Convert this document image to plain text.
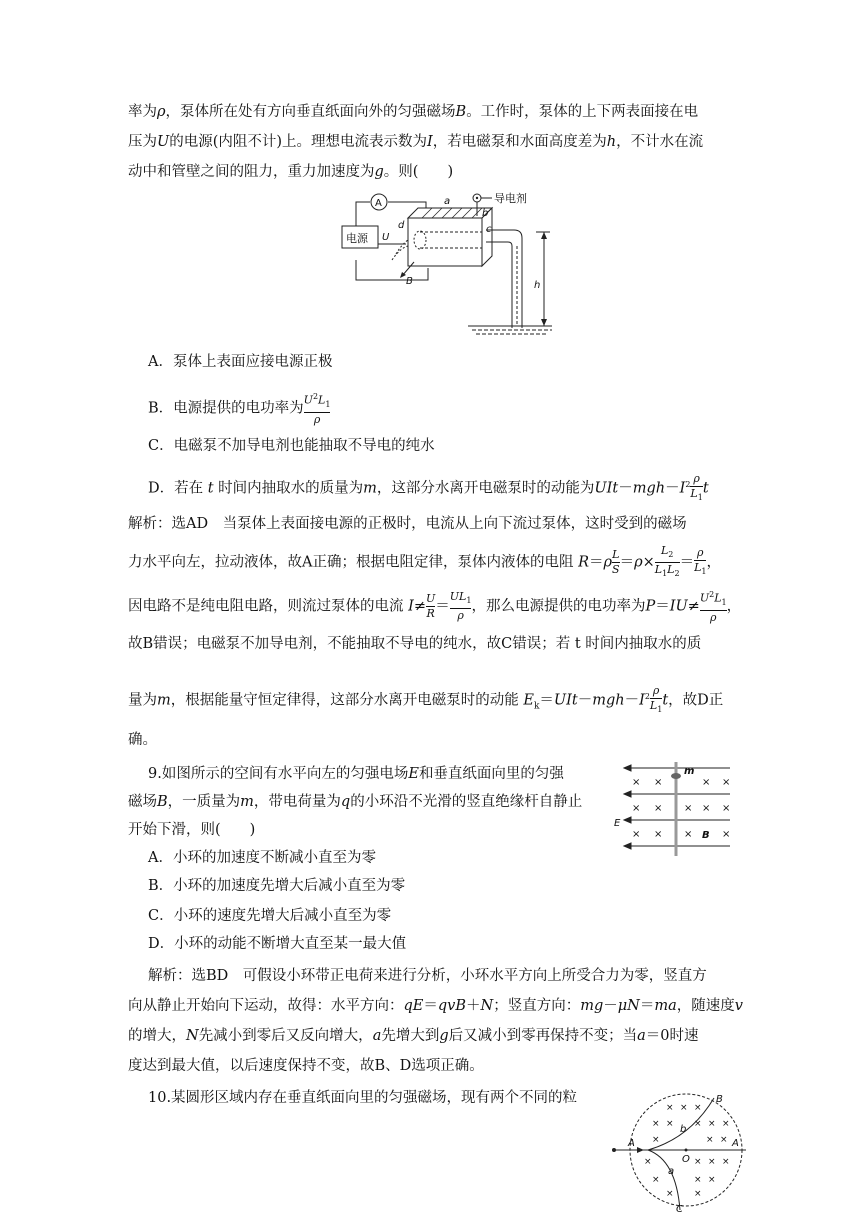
率为ρ，泵体所在处有方向垂直纸面向外的匀强磁场B。工作时，泵体的上下两表面接在电
压为U的电源(内阻不计)上。理想电流表示数为I，若电磁泵和水面高度差为h，不计水在流
动中和管壁之间的阻力，重力加速度为g。则(　　)
电源
A
U
a
c
d
B
导电剂
b
h
A．泵体上表面应接电源正极
B．电源提供的电功率为$U^2L_1$

ρ
C．电磁泵不加导电剂也能抽取不导电的纯水
D．若在 t 时间内抽取水的质量为m，这部分水离开电磁泵时的动能为$UIt-mgh-I^2\frac{\rho}{L_1}$ t
解析：选AD　当泵体上表面接电源的正极时，电流从上向下流过泵体，这时受到的磁场
力水平向左，拉动液体，故A正确；根据电阻定律，泵体内液体的电阻 $R=\rho\frac{L}{S} =\rho\times L_2$

$L_1L_2$
$=\frac{\rho}{L_1}$ ，
因电路不是纯电阻电路，则流过泵体的电流 $I\ne\frac{U}{R} =UL_1$

ρ
，那么电源提供的电功率为$P=IU\ne U^2L_1$

ρ
，
故B错误；电磁泵不加导电剂，不能抽取不导电的纯水，故C错误；若 t 时间内抽取水的质
量为m，根据能量守恒定律得，这部分水离开电磁泵时的动能 $E_k=UIt-mgh-I^2\frac{\rho}{L_1}$ t，故D正
确。
9.如图所示的空间有水平向左的匀强电场E和垂直纸面向里的匀强
磁场B，一质量为m，带电荷量为q的小环沿不光滑的竖直绝缘杆自静止
开始下滑，则(　　)
m
× ×	× ×
× × × × ×
× × ×	×
E
B
A．小环的加速度不断减小直至为零
B．小环的加速度先增大后减小直至为零
C．小环的速度先增大后减小直至为零
D．小环的动能不断增大直至某一最大值
解析：选BD　可假设小环带正电荷来进行分析，小环水平方向上所受合力为零，竖直方
向从静止开始向下运动，故得：水平方向：qE＝qvB＋N；竖直方向：mg－μN＝ma，随速度v
的增大，N先减小到零后又反向增大，a先增大到g后又减小到零再保持不变；当a＝0时速
度达到最大值，以后速度保持不变，故B、D选项正确。
10.某圆形区域内存在垂直纸面向里的匀强磁场，现有两个不同的粒
A	A
B
C
O
a
b
× × ×
× × × × ×
×	× ×
×	× × ×
×	× ×
× ×
